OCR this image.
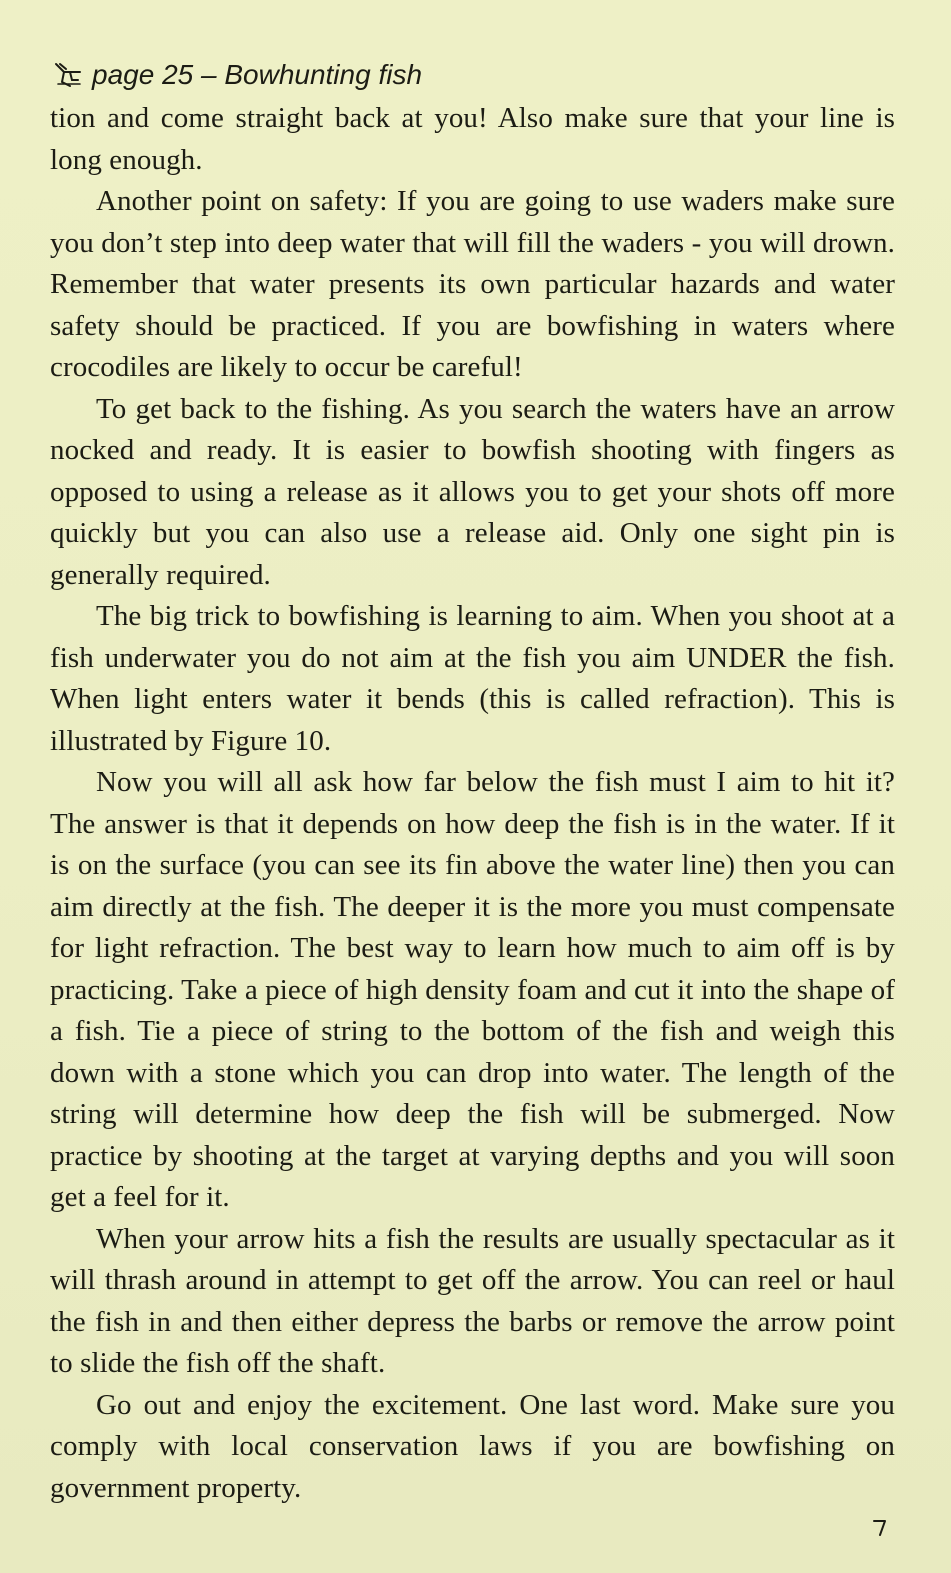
page 25 – Bowhunting fish

tion and come straight back at you! Also make sure that your line is long enough.

Another point on safety: If you are going to use waders make sure you don’t step into deep water that will fill the waders - you will drown. Remember that water presents its own particular hazards and water safety should be practiced. If you are bowfishing in waters where crocodiles are likely to occur be careful!

To get back to the fishing. As you search the waters have an arrow nocked and ready. It is easier to bowfish shooting with fingers as opposed to using a release as it allows you to get your shots off more quickly but you can also use a release aid. Only one sight pin is generally required.

The big trick to bowfishing is learning to aim. When you shoot at a fish underwater you do not aim at the fish you aim UNDER the fish. When light enters water it bends (this is called refraction). This is illustrated by Figure 10.

Now you will all ask how far below the fish must I aim to hit it? The answer is that it depends on how deep the fish is in the water. If it is on the surface (you can see its fin above the water line) then you can aim directly at the fish. The deeper it is the more you must compensate for light refraction. The best way to learn how much to aim off is by practicing. Take a piece of high density foam and cut it into the shape of a fish. Tie a piece of string to the bottom of the fish and weigh this down with a stone which you can drop into water. The length of the string will determine how deep the fish will be submerged. Now practice by shooting at the target at varying depths and you will soon get a feel for it.

When your arrow hits a fish the results are usually spectacular as it will thrash around in attempt to get off the arrow. You can reel or haul the fish in and then either depress the barbs or remove the arrow point to slide the fish off the shaft.

Go out and enjoy the excitement. One last word. Make sure you comply with local conservation laws if you are bowfishing on government property.
